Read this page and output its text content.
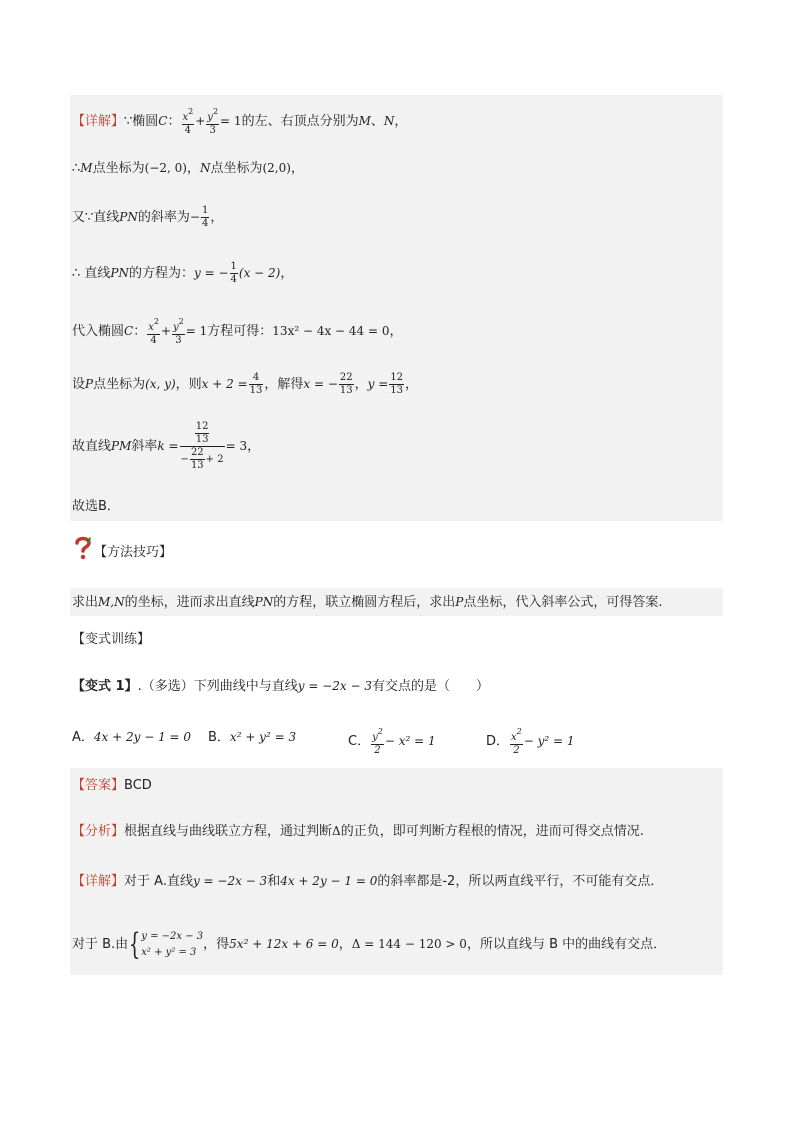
【详解】∵椭圆C： $\frac{x^2}{4} + \frac{y^2}{3} = 1$的左、右顶点分别为M、N，
∴M点坐标为(−2, 0)，N点坐标为(2,0)，
又∵直线PN的斜率为− $\frac{1}{4}$ ，
∴ 直线PN的方程为：y = − $\frac{1}{4} (x - 2)$，
代入椭圆C： $\frac{x^2}{4} + \frac{y^2}{3} = 1$方程可得：13x² − 4x − 44 = 0，
设P点坐标为(x, y)，则$x + 2 = \frac{4}{13}$ ，解得x = − $\frac{22}{13}$ ，$y = \frac{12}{13}$ ，
故直线PM斜率$k = \frac{\frac{12}{13}}{- \frac{22}{13} + 2} = 3$，
故选B．
【方法技巧】
求出M,N的坐标，进而求出直线PN的方程，联立椭圆方程后，求出P点坐标，代入斜率公式，可得答案.
【变式训练】
【变式 1】.（多选）下列曲线中与直线y = −2x − 3有交点的是（　　）
A．4x + 2y − 1 = 0 B．x² + y² = 3	C． $\frac{y^2}{2} - x^2 = 1$	D． $\frac{x^2}{2} - y^2 = 1$
【答案】BCD
【分析】根据直线与曲线联立方程，通过判断Δ的正负，即可判断方程根的情况，进而可得交点情况.
【详解】对于 A.直线y = −2x − 3和4x + 2y − 1 = 0的斜率都是-2，所以两直线平行，不可能有交点．
对于 B.由{ y = −2x − 3
x² + y² = 3 ，得5x² + 12x + 6 = 0，Δ = 144 − 120 > 0，所以直线与 B 中的曲线有交点．
